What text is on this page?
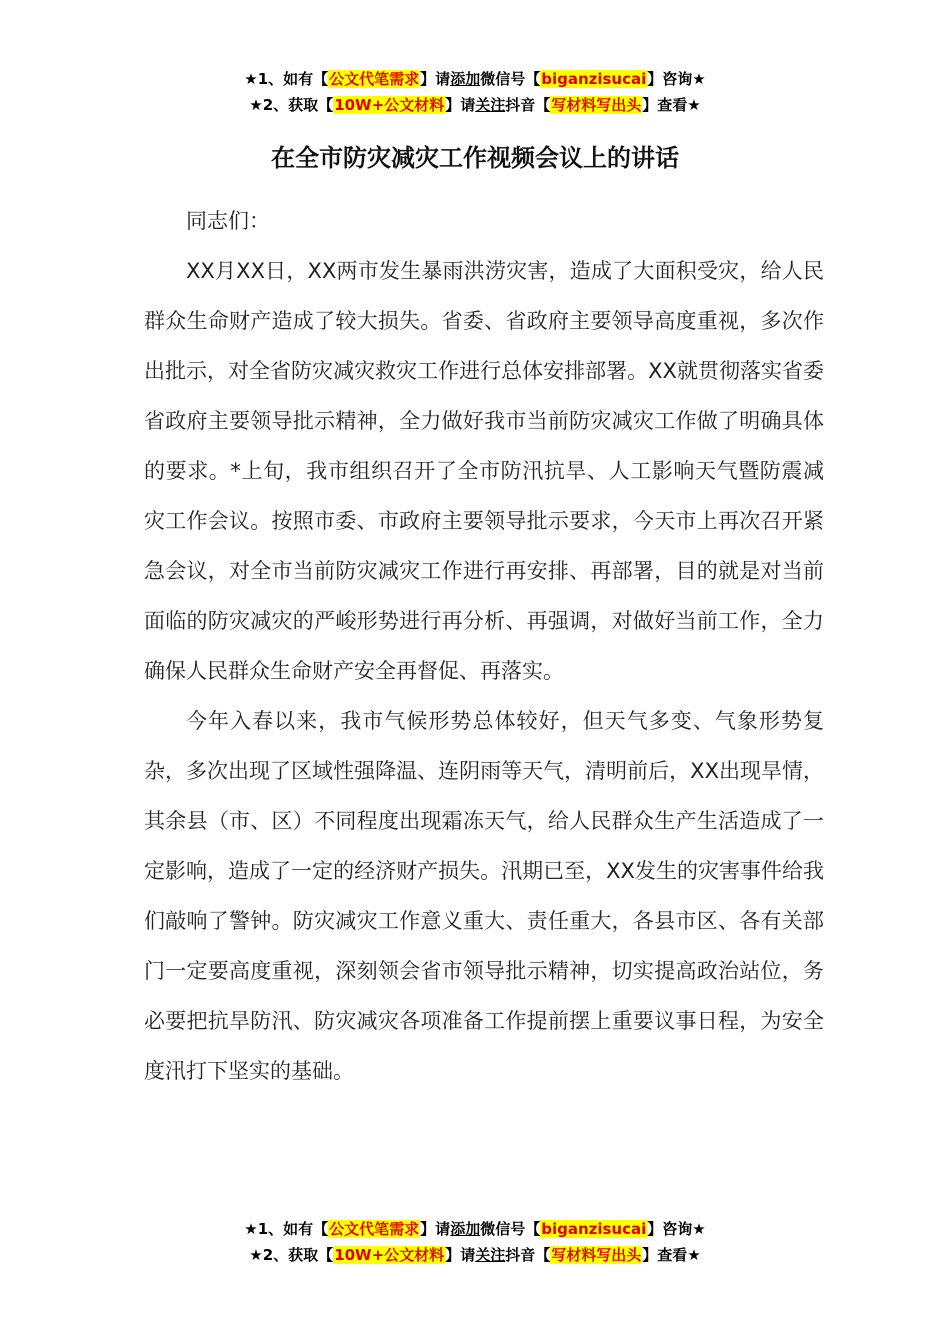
★1、如有【公文代笔需求】请添加微信号【biganzisucai】咨询★
★2、获取【10W+公文材料】请关注抖音【写材料写出头】查看★
在全市防灾减灾工作视频会议上的讲话

同志们：

XX月XX日，XX两市发生暴雨洪涝灾害，造成了大面积受灾，给人民群众生命财产造成了较大损失。省委、省政府主要领导高度重视，多次作出批示，对全省防灾减灾救灾工作进行总体安排部署。XX就贯彻落实省委省政府主要领导批示精神，全力做好我市当前防灾减灾工作做了明确具体的要求。*上旬，我市组织召开了全市防汛抗旱、人工影响天气暨防震减灾工作会议。按照市委、市政府主要领导批示要求，今天市上再次召开紧急会议，对全市当前防灾减灾工作进行再安排、再部署，目的就是对当前面临的防灾减灾的严峻形势进行再分析、再强调，对做好当前工作，全力确保人民群众生命财产安全再督促、再落实。

今年入春以来，我市气候形势总体较好，但天气多变、气象形势复杂，多次出现了区域性强降温、连阴雨等天气，清明前后，XX出现旱情，其余县（市、区）不同程度出现霜冻天气，给人民群众生产生活造成了一定影响，造成了一定的经济财产损失。汛期已至，XX发生的灾害事件给我们敲响了警钟。防灾减灾工作意义重大、责任重大，各县市区、各有关部门一定要高度重视，深刻领会省市领导批示精神，切实提高政治站位，务必要把抗旱防汛、防灾减灾各项准备工作提前摆上重要议事日程，为安全度汛打下坚实的基础。

★1、如有【公文代笔需求】请添加微信号【biganzisucai】咨询★
★2、获取【10W+公文材料】请关注抖音【写材料写出头】查看★
